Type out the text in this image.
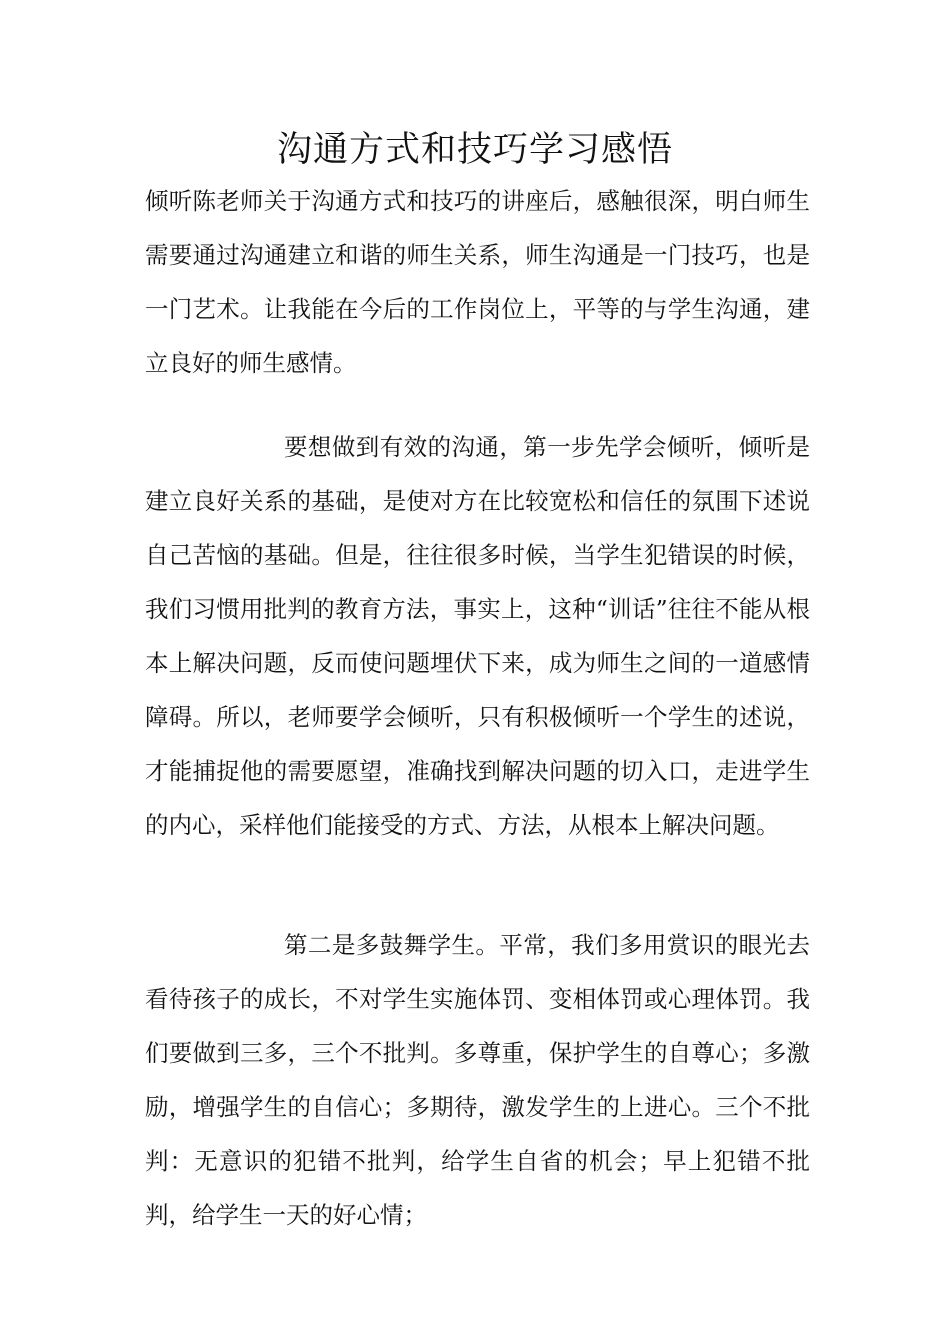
沟通方式和技巧学习感悟

倾听陈老师关于沟通方式和技巧的讲座后，感触很深，明白师生需要通过沟通建立和谐的师生关系，师生沟通是一门技巧，也是一门艺术。让我能在今后的工作岗位上，平等的与学生沟通，建立良好的师生感情。

要想做到有效的沟通，第一步先学会倾听，倾听是建立良好关系的基础，是使对方在比较宽松和信任的氛围下述说自己苦恼的基础。但是，往往很多时候，当学生犯错误的时候，我们习惯用批判的教育方法，事实上，这种“训话”往往不能从根本上解决问题，反而使问题埋伏下来，成为师生之间的一道感情障碍。所以，老师要学会倾听，只有积极倾听一个学生的述说，才能捕捉他的需要愿望，准确找到解决问题的切入口，走进学生的内心，采样他们能接受的方式、方法，从根本上解决问题。

第二是多鼓舞学生。平常，我们多用赏识的眼光去看待孩子的成长，不对学生实施体罚、变相体罚或心理体罚。我们要做到三多，三个不批判。多尊重，保护学生的自尊心；多激励，增强学生的自信心；多期待，激发学生的上进心。三个不批判：无意识的犯错不批判，给学生自省的机会；早上犯错不批判，给学生一天的好心情；
